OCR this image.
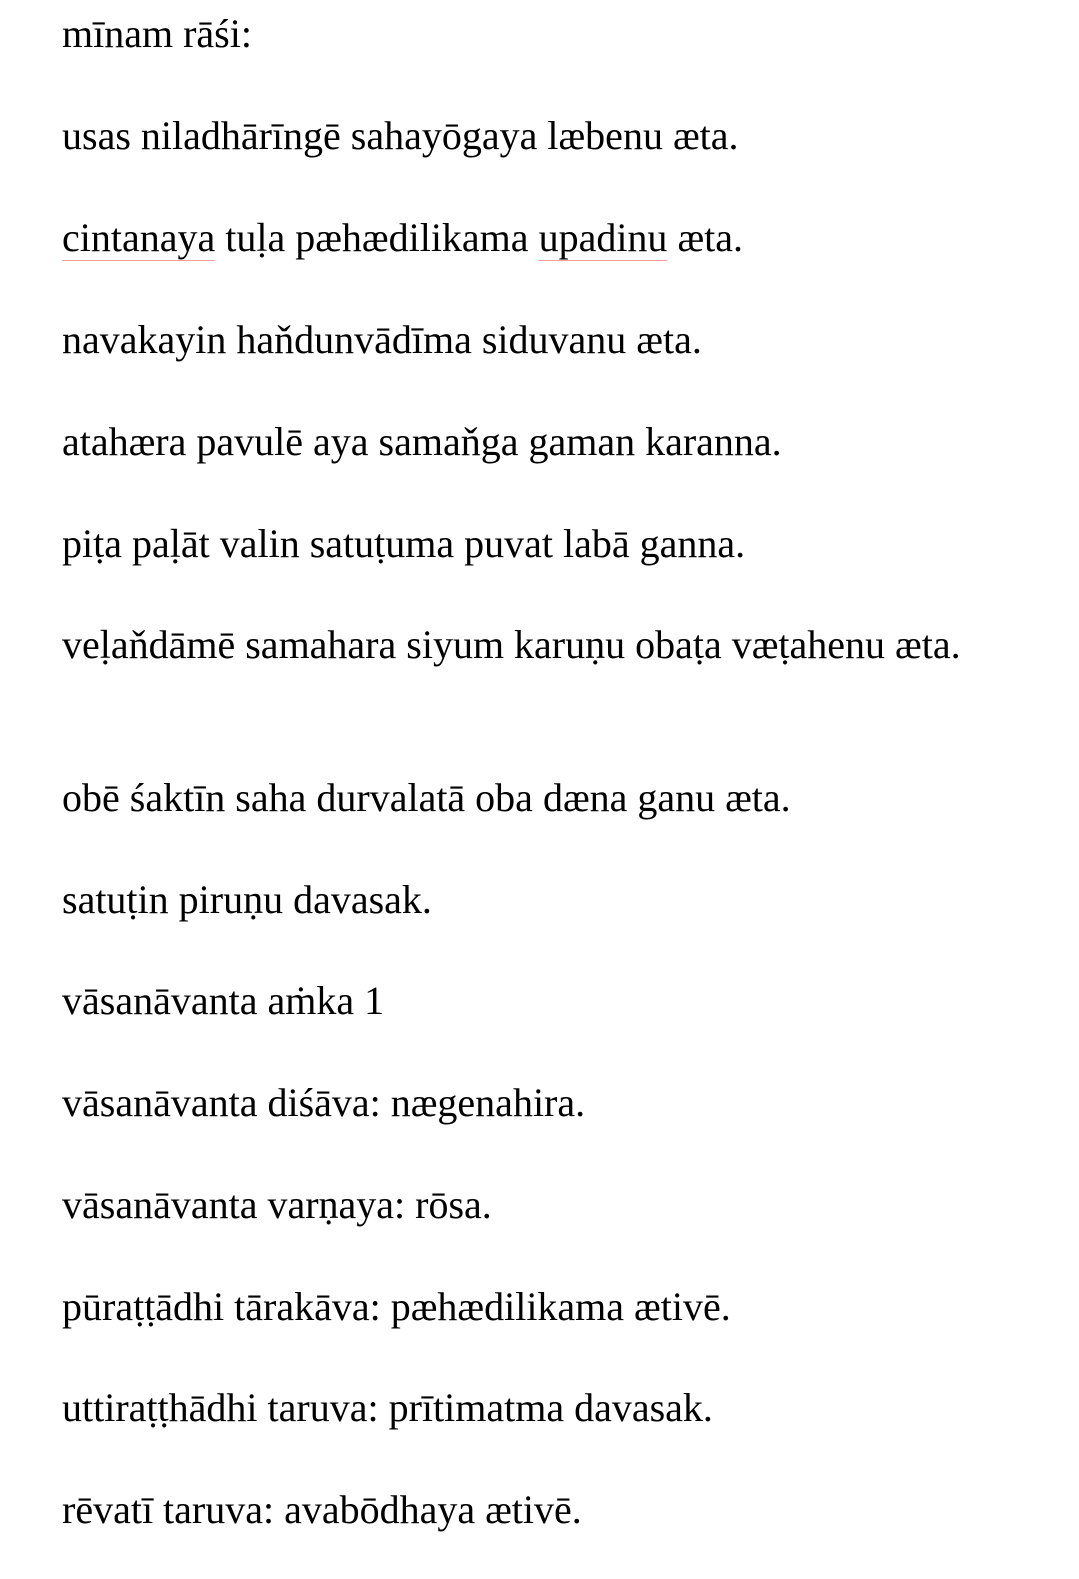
mīnam rāśi:
usas niladhārīngē sahayōgaya læbenu æta.
cintanaya tuḷa pæhædilikama upadinu æta.
navakayin haňdunvādīma siduvanu æta.
atahæra pavulē aya samaňga gaman karanna.
piṭa paḷāt valin satuṭuma puvat labā ganna.
veḷaňdāmē samahara siyum karuṇu obaṭa væṭahenu æta.
obē śaktīn saha durvalatā oba dæna ganu æta.
satuṭin piruṇu davasak.
vāsanāvanta aṁka 1
vāsanāvanta diśāva: nægenahira.
vāsanāvanta varṇaya: rōsa.
pūraṭṭādhi tārakāva: pæhædilikama ætivē.
uttiraṭṭhādhi taruva: prītimatma davasak.
rēvatī taruva: avabōdhaya ætivē.
